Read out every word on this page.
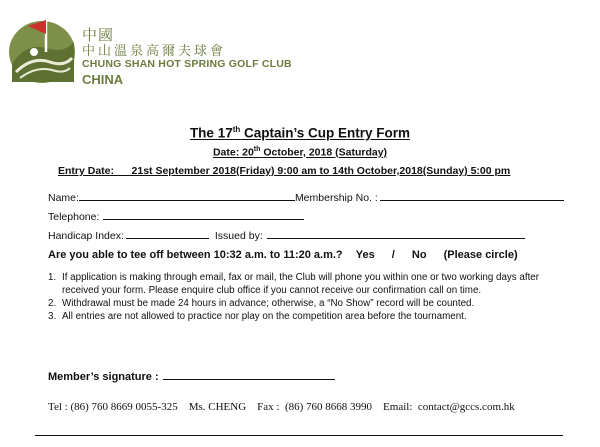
中國
中山溫泉高爾夫球會
CHUNG SHAN HOT SPRING GOLF CLUB
CHINA
The 17th Captain’s Cup Entry Form
Date: 20th October, 2018 (Saturday)
Entry Date: 21st September 2018(Friday) 9:00 am to 14th October,2018(Sunday) 5:00 pm
Name:	Membership No. :
Telephone:
Handicap Index:	Issued by:
Are you able to tee off between 10:32 a.m. to 11:20 a.m.? Yes / No (Please circle)
1. If application is making through email, fax or mail, the Club will phone you within one or two working days after received your form. Please enquire club office if you cannot receive our confirmation call on time.
2. Withdrawal must be made 24 hours in advance; otherwise, a “No Show” record will be counted.
3. All entries are not allowed to practice nor play on the competition area before the tournament.
Member’s signature :
Tel : (86) 760 8669 0055-325 Ms. CHENG Fax : (86) 760 8668 3990 Email: contact@gccs.com.hk
